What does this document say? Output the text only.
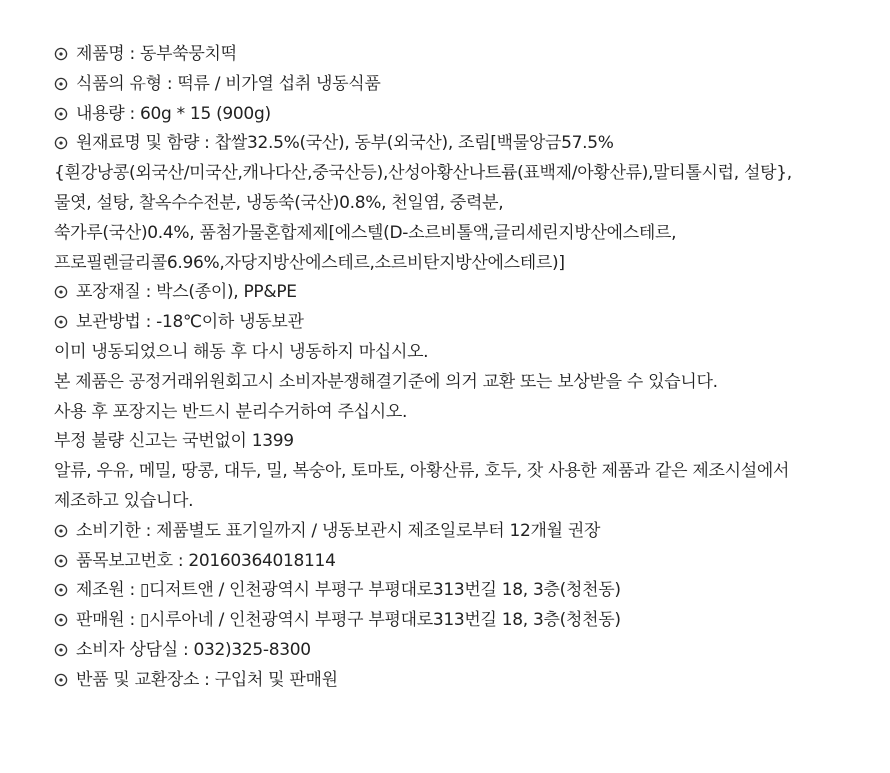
제품명 : 동부쑥뭉치떡
식품의 유형 : 떡류 / 비가열 섭취 냉동식품
내용량 : 60g * 15 (900g)
원재료명 및 함량 : 찹쌀32.5%(국산), 동부(외국산), 조림[백물앙금57.5%
{흰강낭콩(외국산/미국산,캐나다산,중국산등),산성아황산나트륨(표백제/아황산류),말티톨시럽, 설탕},
물엿, 설탕, 찰옥수수전분, 냉동쑥(국산)0.8%, 천일염, 중력분,
쑥가루(국산)0.4%, 품첨가물혼합제제[에스텔(D-소르비톨액,글리세린지방산에스테르,
프로필렌글리콜6.96%,자당지방산에스테르,소르비탄지방산에스테르)]
포장재질 : 박스(종이), PP&PE
보관방법 : -18℃이하 냉동보관
이미 냉동되었으니 해동 후 다시 냉동하지 마십시오.
본 제품은 공정거래위원회고시 소비자분쟁해결기준에 의거 교환 또는 보상받을 수 있습니다.
사용 후 포장지는 반드시 분리수거하여 주십시오.
부정 불량 신고는 국번없이 1399
알류, 우유, 메밀, 땅콩, 대두, 밀, 복숭아, 토마토, 아황산류, 호두, 잣 사용한 제품과 같은 제조시설에서
제조하고 있습니다.
소비기한 : 제품별도 표기일까지 / 냉동보관시 제조일로부터 12개월 권장
품목보고번호 : 20160364018114
제조원 : ▯디저트앤 / 인천광역시 부평구 부평대로313번길 18, 3층(청천동)
판매원 : ▯시루아네 / 인천광역시 부평구 부평대로313번길 18, 3층(청천동)
소비자 상담실 : 032)325-8300
반품 및 교환장소 : 구입처 및 판매원
